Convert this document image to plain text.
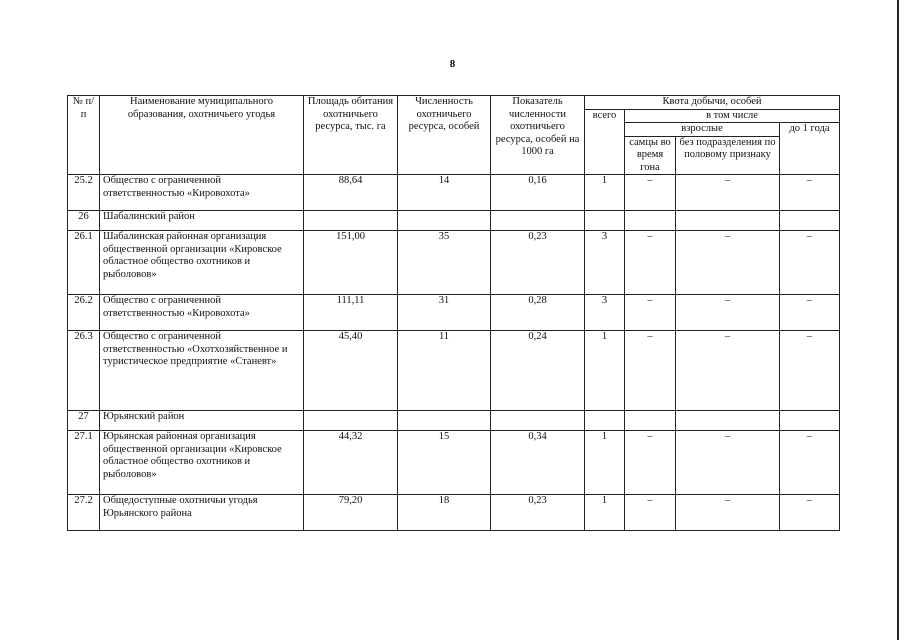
8
№ п/п	Наименование муниципального образования, охотничьего угодья	Площадь обитания охотничьего ресурса, тыс. га	Численность охотничьего ресурса, особей	Показатель численности охотничьего ресурса, особей на 1000 га	Квота добычи, особей			
					всего	в том числе		
						взрослые		до 1 года
						самцы во время гона	без подразделения по половому признаку	
25.2	Общество с ограниченной ответственностью «Кировохота»	88,64	14	0,16	1	–	–	–
26	Шабалинский район							
26.1	Шабалинская районная организация общественной организации «Кировское областное общество охотников и рыболовов»	151,00	35	0,23	3	–	–	–
26.2	Общество с ограниченной ответственностью «Кировохота»	111,11	31	0,28	3	–	–	–
26.3	Общество с ограниченной ответственностью «Охотхозяйственное и туристическое предприятие «Станевт»	45,40	11	0,24	1	–	–	–
27	Юрьянский район							
27.1	Юрьянская районная организация общественной организации «Кировское областное общество охотников и рыболовов»	44,32	15	0,34	1	–	–	–
27.2	Общедоступные охотничьи угодья Юрьянского района	79,20	18	0,23	1	–	–	–
